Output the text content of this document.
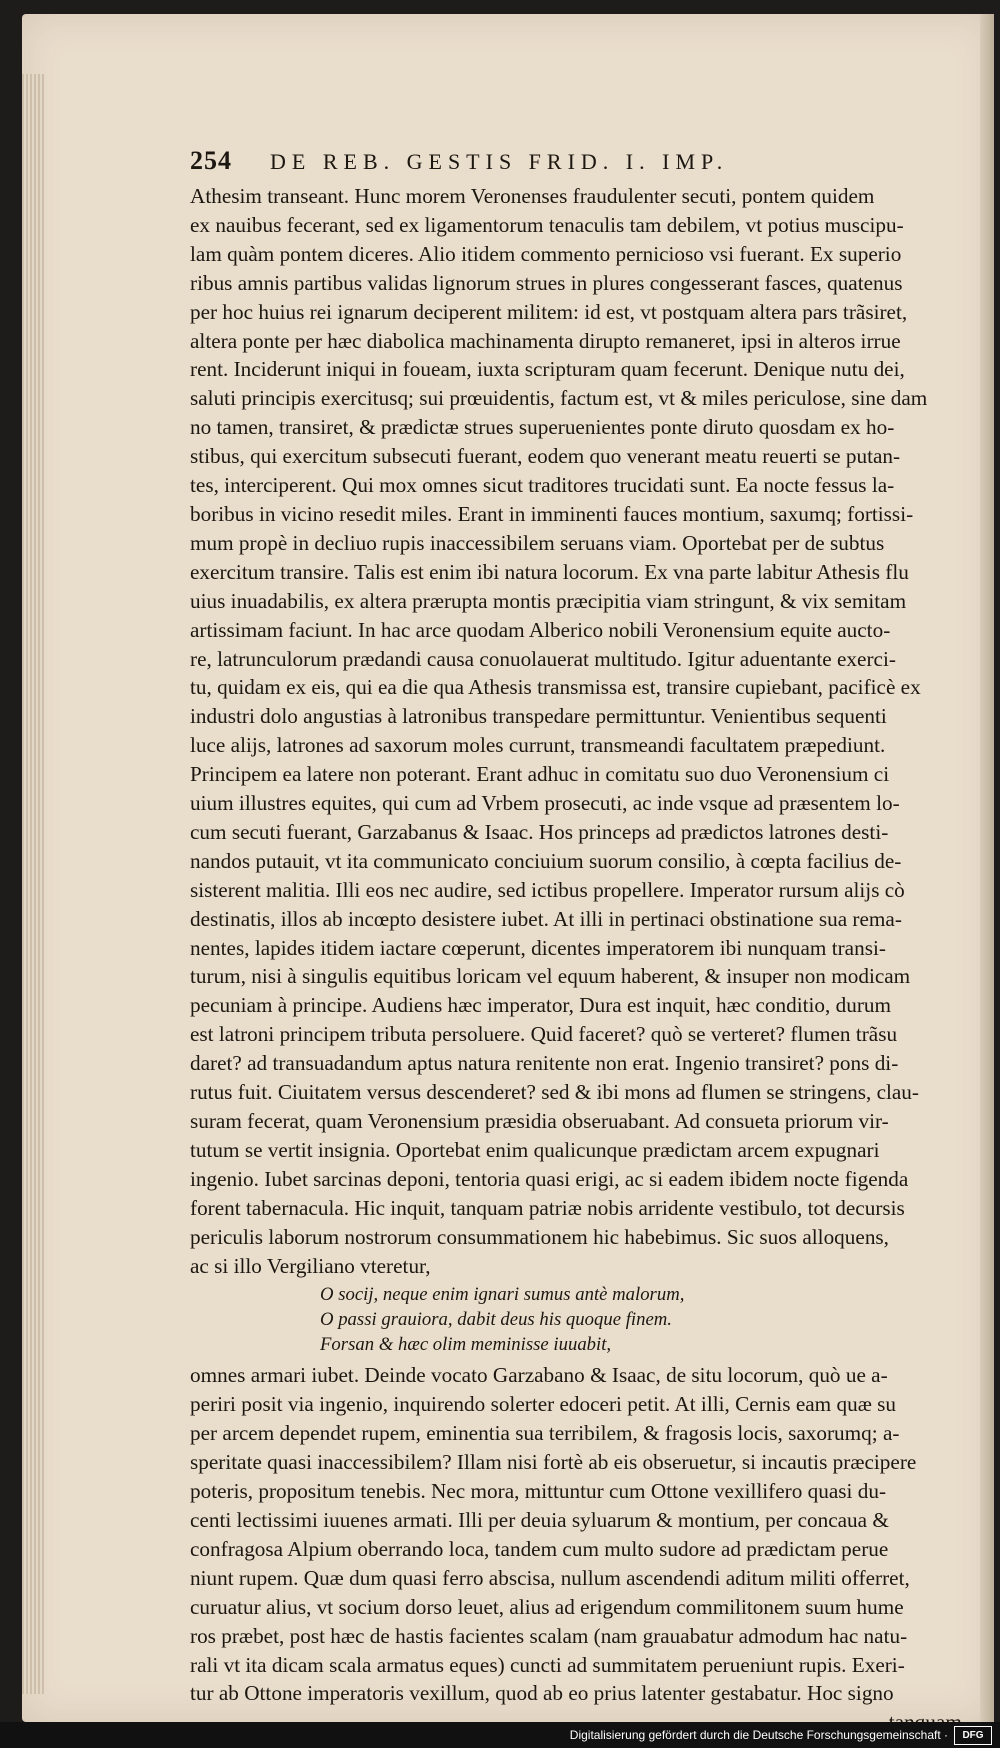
254 DE REB. GESTIS FRID. I. IMP.
Athesim transeant. Hunc morem Veronenses fraudulenter secuti, pontem quidem
ex nauibus fecerant, sed ex ligamentorum tenaculis tam debilem, vt potius muscipu-
lam quàm pontem diceres. Alio itidem commento pernicioso vsi fuerant. Ex superio
ribus amnis partibus validas lignorum strues in plures congesserant fasces, quatenus
per hoc huius rei ignarum deciperent militem: id est, vt postquam altera pars trãsiret,
altera ponte per hæc diabolica machinamenta dirupto remaneret, ipsi in alteros irrue
rent. Inciderunt iniqui in foueam, iuxta scripturam quam fecerunt. Denique nutu dei,
saluti principis exercitusq; sui prœuidentis, factum est, vt & miles periculose, sine dam
no tamen, transiret, & prædictæ strues superuenientes ponte diruto quosdam ex ho-
stibus, qui exercitum subsecuti fuerant, eodem quo venerant meatu reuerti se putan-
tes, interciperent. Qui mox omnes sicut traditores trucidati sunt. Ea nocte fessus la-
boribus in vicino resedit miles. Erant in imminenti fauces montium, saxumq; fortissi-
mum propè in decliuo rupis inaccessibilem seruans viam. Oportebat per de subtus
exercitum transire. Talis est enim ibi natura locorum. Ex vna parte labitur Athesis flu
uius inuadabilis, ex altera prærupta montis præcipitia viam stringunt, & vix semitam
artissimam faciunt. In hac arce quodam Alberico nobili Veronensium equite aucto-
re, latrunculorum prædandi causa conuolauerat multitudo. Igitur aduentante exerci-
tu, quidam ex eis, qui ea die qua Athesis transmissa est, transire cupiebant, pacificè ex
industri dolo angustias à latronibus transpedare permittuntur. Venientibus sequenti
luce alijs, latrones ad saxorum moles currunt, transmeandi facultatem præpediunt.
Principem ea latere non poterant. Erant adhuc in comitatu suo duo Veronensium ci
uium illustres equites, qui cum ad Vrbem prosecuti, ac inde vsque ad præsentem lo-
cum secuti fuerant, Garzabanus & Isaac. Hos princeps ad prædictos latrones desti-
nandos putauit, vt ita communicato conciuium suorum consilio, à cœpta facilius de-
sisterent malitia. Illi eos nec audire, sed ictibus propellere. Imperator rursum alijs cò
destinatis, illos ab incœpto desistere iubet. At illi in pertinaci obstinatione sua rema-
nentes, lapides itidem iactare cœperunt, dicentes imperatorem ibi nunquam transi-
turum, nisi à singulis equitibus loricam vel equum haberent, & insuper non modicam
pecuniam à principe. Audiens hæc imperator, Dura est inquit, hæc conditio, durum
est latroni principem tributa persoluere. Quid faceret? quò se verteret? flumen trãsu
daret? ad transuadandum aptus natura renitente non erat. Ingenio transiret? pons di-
rutus fuit. Ciuitatem versus descenderet? sed & ibi mons ad flumen se stringens, clau-
suram fecerat, quam Veronensium præsidia obseruabant. Ad consueta priorum vir-
tutum se vertit insignia. Oportebat enim qualicunque prædictam arcem expugnari
ingenio. Iubet sarcinas deponi, tentoria quasi erigi, ac si eadem ibidem nocte figenda
forent tabernacula. Hic inquit, tanquam patriæ nobis arridente vestibulo, tot decursis
periculis laborum nostrorum consummationem hic habebimus. Sic suos alloquens,
ac si illo Vergiliano vteretur,
O socij, neque enim ignari sumus antè malorum,
O passi grauiora, dabit deus his quoque finem.
Forsan & hæc olim meminisse iuuabit,
omnes armari iubet. Deinde vocato Garzabano & Isaac, de situ locorum, quò ue a-
periri posit via ingenio, inquirendo solerter edoceri petit. At illi, Cernis eam quæ su
per arcem dependet rupem, eminentia sua terribilem, & fragosis locis, saxorumq; a-
speritate quasi inaccessibilem? Illam nisi fortè ab eis obseruetur, si incautis præcipere
poteris, propositum tenebis. Nec mora, mittuntur cum Ottone vexillifero quasi du-
centi lectissimi iuuenes armati. Illi per deuia syluarum & montium, per concaua &
confragosa Alpium oberrando loca, tandem cum multo sudore ad prædictam perue
niunt rupem. Quæ dum quasi ferro abscisa, nullum ascendendi aditum militi offerret,
curuatur alius, vt socium dorso leuet, alius ad erigendum commilitonem suum hume
ros præbet, post hæc de hastis facientes scalam (nam grauabatur admodum hac natu-
rali vt ita dicam scala armatus eques) cuncti ad summitatem perueniunt rupis. Exeri-
tur ab Ottone imperatoris vexillum, quod ab eo prius latenter gestabatur. Hoc signo
Digitalisierung gefördert durch die Deutsche Forschungsgemeinschaft ·	DFG
